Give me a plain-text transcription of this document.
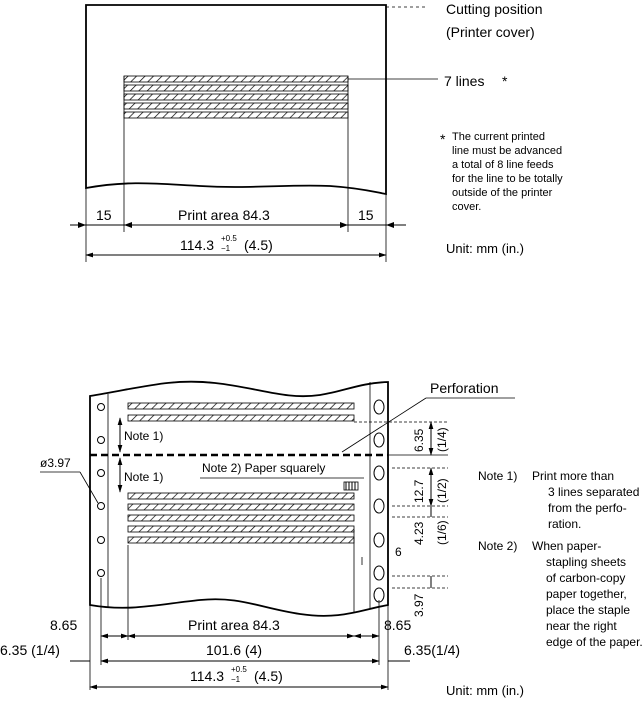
Cutting position
(Printer cover)
7 lines *
* The current printed
line must be advanced
a total of 8 line feeds
for the line to be totally
outside of the printer
cover.
15	Print area 84.3	15
114.3 +0.5
−1 (4.5)	Unit: mm (in.)
Note 1)
Note 1)
ø3.97	Note 2) Paper squarely
Perforation
6.35 (1/4)
12.7 (1/2)
4.23 (1/6)
3.97
6
Note 1) Print more than
3 lines separated
from the perfo-
ration.
Note 2) When paper-
stapling sheets
of carbon-copy
paper together,
place the staple
near the right
edge of the paper.
8.65	Print area 84.3	8.65
6.35 (1/4)	101.6 (4)	6.35(1/4)
114.3 +0.5
−1 (4.5)
Unit: mm (in.)
